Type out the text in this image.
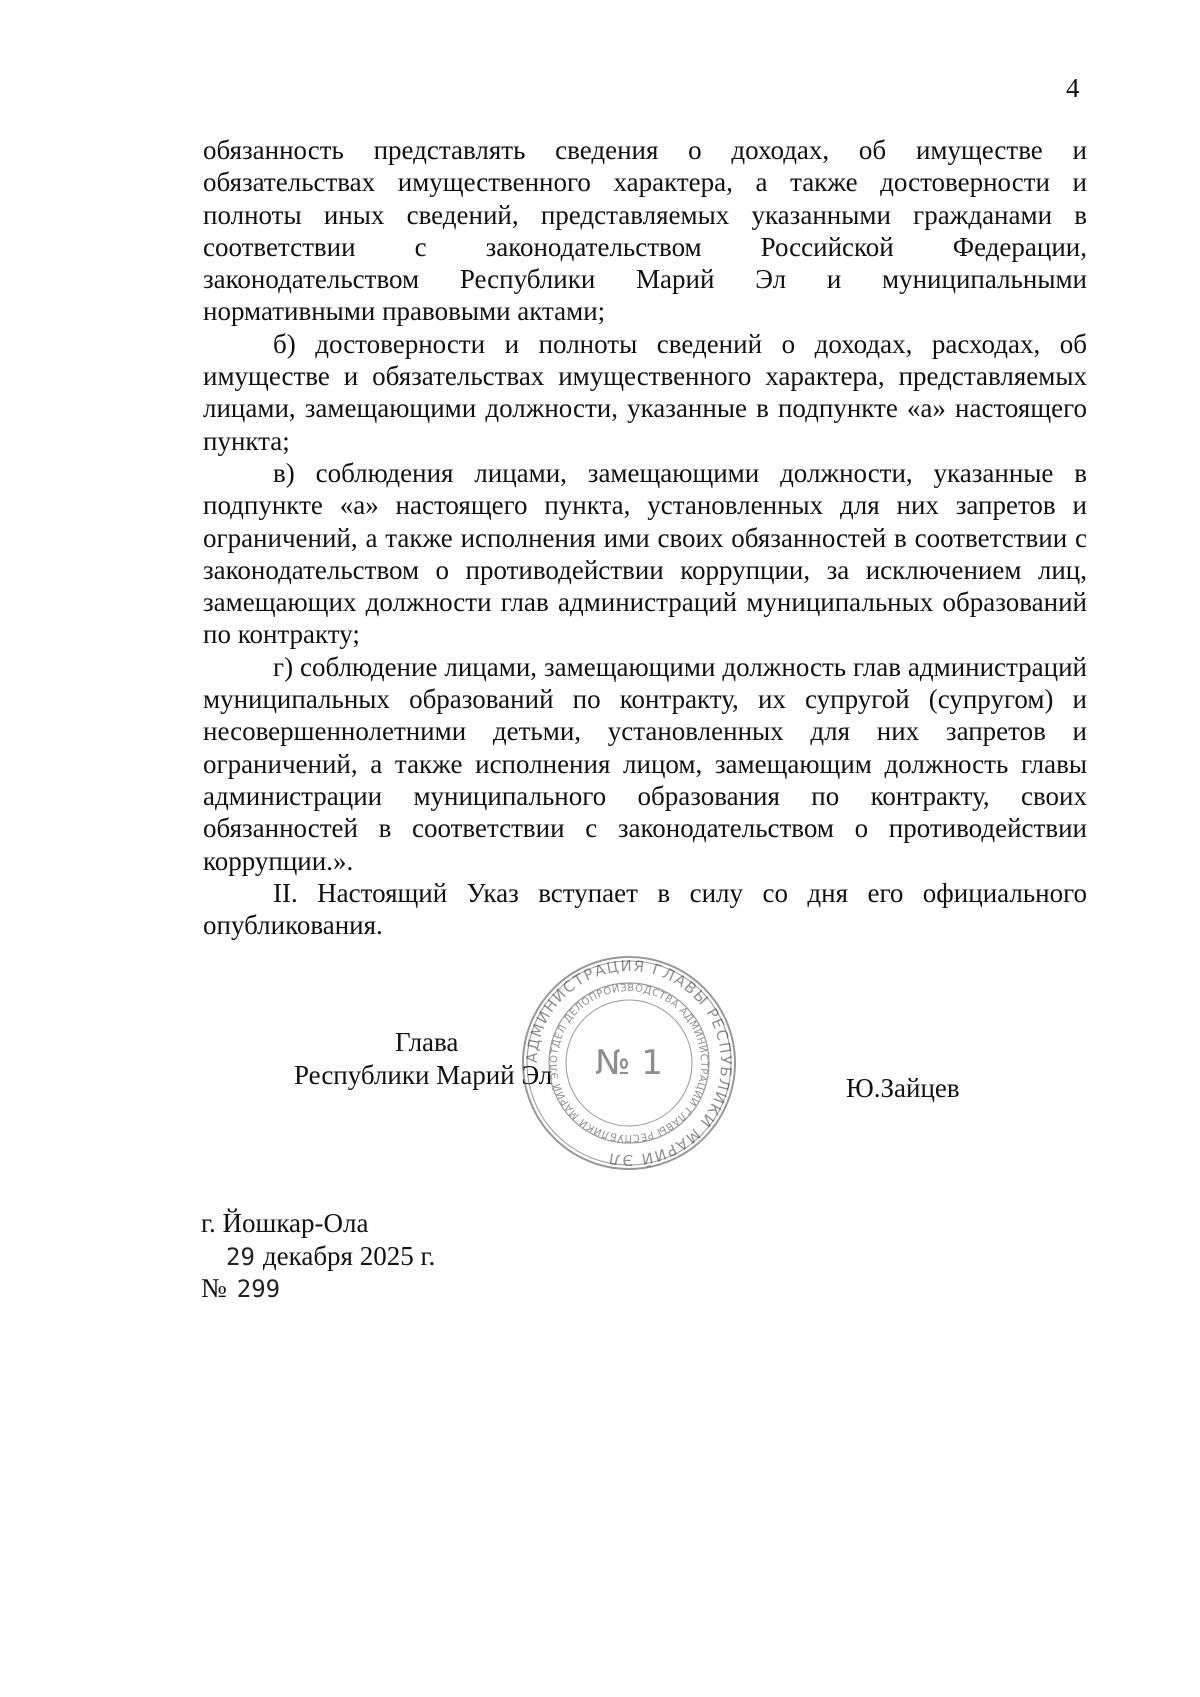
4

обязанность представлять сведения о доходах, об имуществе и обязательствах имущественного характера, а также достоверности и полноты иных сведений, представляемых указанными гражданами в соответствии с законодательством Российской Федерации, законодательством Республики Марий Эл и муниципальными нормативными правовыми актами;

б) достоверности и полноты сведений о доходах, расходах, об имуществе и обязательствах имущественного характера, представляемых лицами, замещающими должности, указанные в подпункте «а» настоящего пункта;

в) соблюдения лицами, замещающими должности, указанные в подпункте «а» настоящего пункта, установленных для них запретов и ограничений, а также исполнения ими своих обязанностей в соответствии с законодательством о противодействии коррупции, за исключением лиц, замещающих должности глав администраций муниципальных образований по контракту;

г) соблюдение лицами, замещающими должность глав администраций муниципальных образований по контракту, их супругой (супругом) и несовершеннолетними детьми, установленных для них запретов и ограничений, а также исполнения лицом, замещающим должность главы администрации муниципального образования по контракту, своих обязанностей в соответствии с законодательством о противодействии коррупции.».

II. Настоящий Указ вступает в силу со дня его официального опубликования.

Глава
Республики Марий Эл
АДМИНИСТРАЦИЯ ГЛАВЫ РЕСПУБЛИКИ МАРИЙ ЭЛ
ОТДЕЛ ДЕЛОПРОИЗВОДСТВА АДМИНИСТРАЦИИ ГЛАВЫ РЕСПУБЛИКИ МАРИЙ ЭЛ	№ 1
Ю.Зайцев
г. Йошкар-Ола
29 декабря 2025 г.
№ 299
